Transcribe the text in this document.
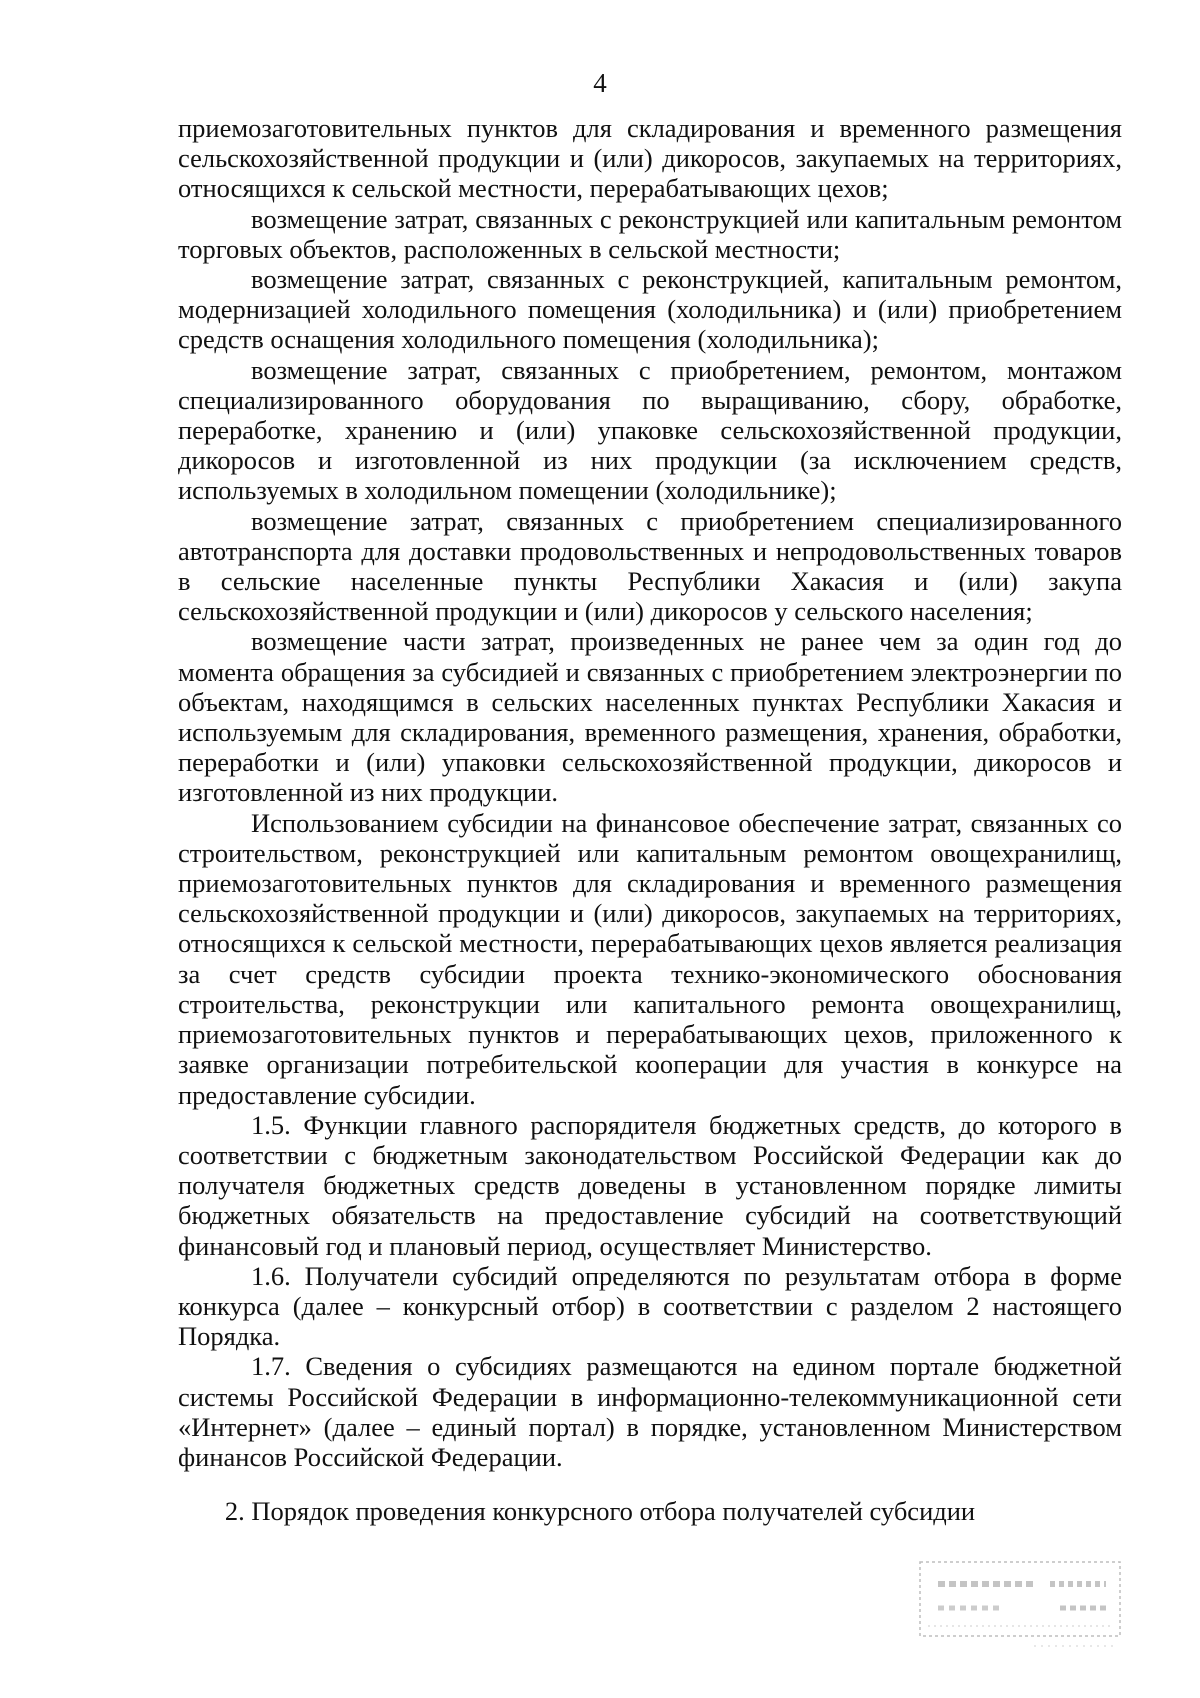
4

приемозаготовительных пунктов для складирования и временного размещения сельскохозяйственной продукции и (или) дикоросов, закупаемых на территориях, относящихся к сельской местности, перерабатывающих цехов;

возмещение затрат, связанных с реконструкцией или капитальным ремонтом торговых объектов, расположенных в сельской местности;

возмещение затрат, связанных с реконструкцией, капитальным ремонтом, модернизацией холодильного помещения (холодильника) и (или) приобретением средств оснащения холодильного помещения (холодильника);

возмещение затрат, связанных с приобретением, ремонтом, монтажом специализированного оборудования по выращиванию, сбору, обработке, переработке, хранению и (или) упаковке сельскохозяйственной продукции, дикоросов и изготовленной из них продукции (за исключением средств, используемых в холодильном помещении (холодильнике);

возмещение затрат, связанных с приобретением специализированного автотранспорта для доставки продовольственных и непродовольственных товаров в сельские населенные пункты Республики Хакасия и (или) закупа сельскохозяйственной продукции и (или) дикоросов у сельского населения;

возмещение части затрат, произведенных не ранее чем за один год до момента обращения за субсидией и связанных с приобретением электроэнергии по объектам, находящимся в сельских населенных пунктах Республики Хакасия и используемым для складирования, временного размещения, хранения, обработки, переработки и (или) упаковки сельскохозяйственной продукции, дикоросов и изготовленной из них продукции.

Использованием субсидии на финансовое обеспечение затрат, связанных со строительством, реконструкцией или капитальным ремонтом овощехранилищ, приемозаготовительных пунктов для складирования и временного размещения сельскохозяйственной продукции и (или) дикоросов, закупаемых на территориях, относящихся к сельской местности, перерабатывающих цехов является реализация за счет средств субсидии проекта технико-экономического обоснования строительства, реконструкции или капитального ремонта овощехранилищ, приемозаготовительных пунктов и перерабатывающих цехов, приложенного к заявке организации потребительской кооперации для участия в конкурсе на предоставление субсидии.

1.5. Функции главного распорядителя бюджетных средств, до которого в соответствии с бюджетным законодательством Российской Федерации как до получателя бюджетных средств доведены в установленном порядке лимиты бюджетных обязательств на предоставление субсидий на соответствующий финансовый год и плановый период, осуществляет Министерство.

1.6. Получатели субсидий определяются по результатам отбора в форме конкурса (далее – конкурсный отбор) в соответствии с разделом 2 настоящего Порядка.

1.7. Сведения о субсидиях размещаются на едином портале бюджетной системы Российской Федерации в информационно-телекоммуникационной сети «Интернет» (далее – единый портал) в порядке, установленном Министерством финансов Российской Федерации.

2. Порядок проведения конкурсного отбора получателей субсидии
